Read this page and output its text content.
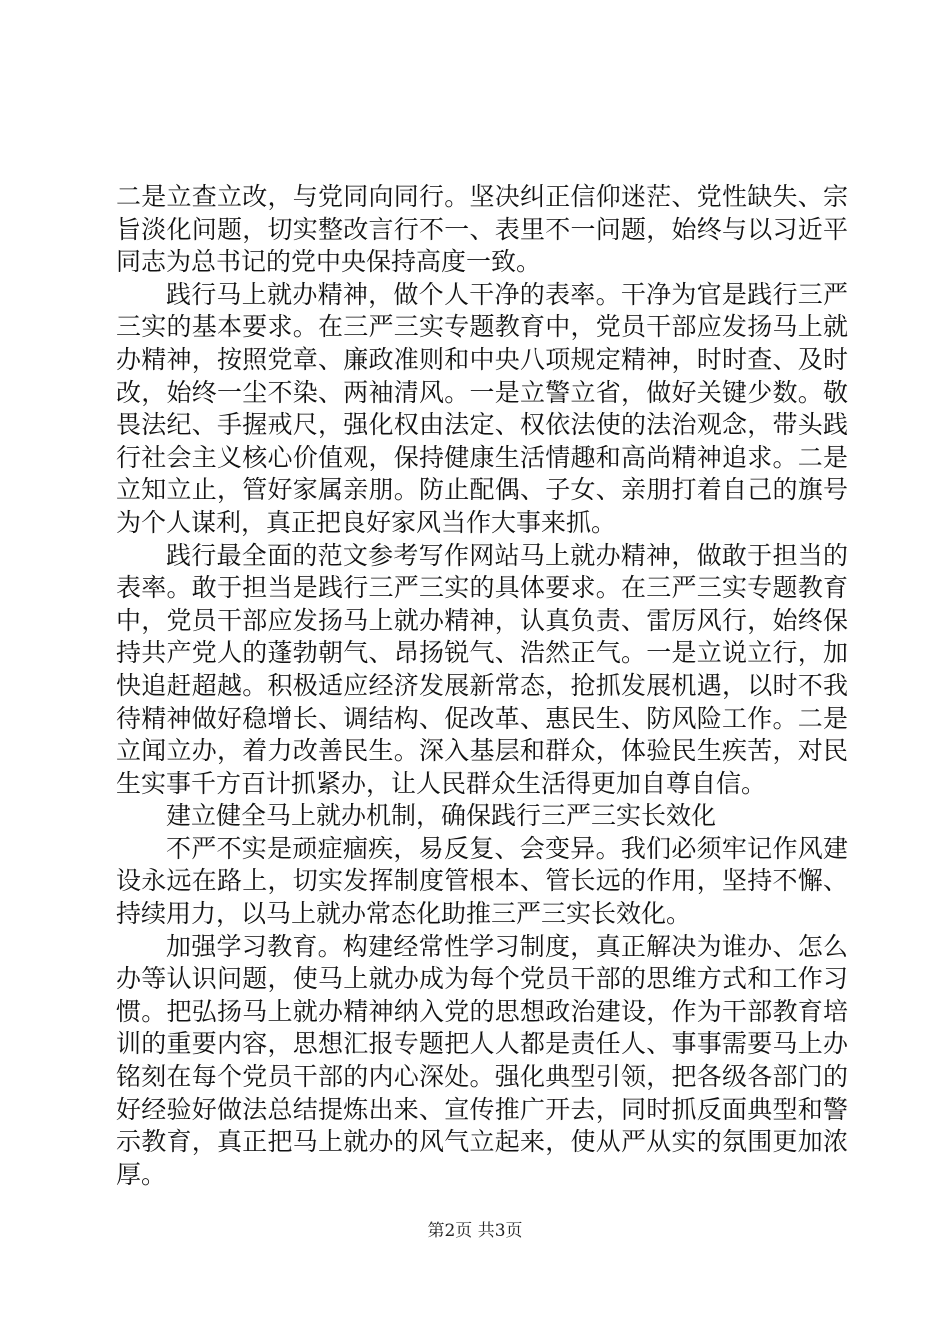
二是立查立改，与党同向同行。坚决纠正信仰迷茫、党性缺失、宗旨淡化问题，切实整改言行不一、表里不一问题，始终与以习近平同志为总书记的党中央保持高度一致。

践行马上就办精神，做个人干净的表率。干净为官是践行三严三实的基本要求。在三严三实专题教育中，党员干部应发扬马上就办精神，按照党章、廉政准则和中央八项规定精神，时时查、及时改，始终一尘不染、两袖清风。一是立警立省，做好关键少数。敬畏法纪、手握戒尺，强化权由法定、权依法使的法治观念，带头践行社会主义核心价值观，保持健康生活情趣和高尚精神追求。二是立知立止，管好家属亲朋。防止配偶、子女、亲朋打着自己的旗号为个人谋利，真正把良好家风当作大事来抓。

践行最全面的范文参考写作网站马上就办精神，做敢于担当的表率。敢于担当是践行三严三实的具体要求。在三严三实专题教育中，党员干部应发扬马上就办精神，认真负责、雷厉风行，始终保持共产党人的蓬勃朝气、昂扬锐气、浩然正气。一是立说立行，加快追赶超越。积极适应经济发展新常态，抢抓发展机遇，以时不我待精神做好稳增长、调结构、促改革、惠民生、防风险工作。二是立闻立办，着力改善民生。深入基层和群众，体验民生疾苦，对民生实事千方百计抓紧办，让人民群众生活得更加自尊自信。

建立健全马上就办机制，确保践行三严三实长效化

不严不实是顽症痼疾，易反复、会变异。我们必须牢记作风建设永远在路上，切实发挥制度管根本、管长远的作用，坚持不懈、持续用力，以马上就办常态化助推三严三实长效化。

加强学习教育。构建经常性学习制度，真正解决为谁办、怎么办等认识问题，使马上就办成为每个党员干部的思维方式和工作习惯。把弘扬马上就办精神纳入党的思想政治建设，作为干部教育培训的重要内容，思想汇报专题把人人都是责任人、事事需要马上办铭刻在每个党员干部的内心深处。强化典型引领，把各级各部门的好经验好做法总结提炼出来、宣传推广开去，同时抓反面典型和警示教育，真正把马上就办的风气立起来，使从严从实的氛围更加浓厚。

第2页 共3页
